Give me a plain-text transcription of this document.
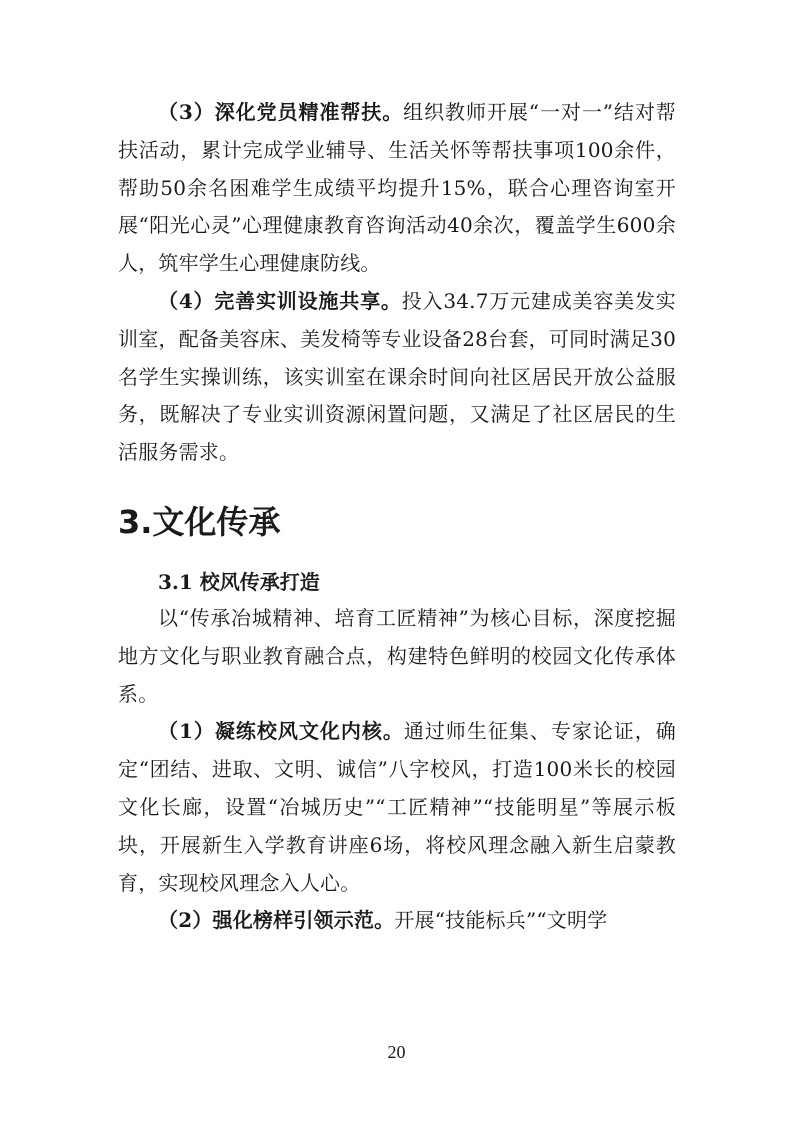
（3）深化党员精准帮扶。组织教师开展“一对一”结对帮扶活动，累计完成学业辅导、生活关怀等帮扶事项100余件，帮助50余名困难学生成绩平均提升15%，联合心理咨询室开展“阳光心灵”心理健康教育咨询活动40余次，覆盖学生600余人，筑牢学生心理健康防线。

（4）完善实训设施共享。投入34.7万元建成美容美发实训室，配备美容床、美发椅等专业设备28台套，可同时满足30名学生实操训练，该实训室在课余时间向社区居民开放公益服务，既解决了专业实训资源闲置问题，又满足了社区居民的生活服务需求。

3.文化传承
3.1 校风传承打造

以“传承冶城精神、培育工匠精神”为核心目标，深度挖掘地方文化与职业教育融合点，构建特色鲜明的校园文化传承体系。

（1）凝练校风文化内核。通过师生征集、专家论证，确定“团结、进取、文明、诚信”八字校风，打造100米长的校园文化长廊，设置“冶城历史”“工匠精神”“技能明星”等展示板块，开展新生入学教育讲座6场，将校风理念融入新生启蒙教育，实现校风理念入人心。

（2）强化榜样引领示范。开展“技能标兵”“文明学

20
